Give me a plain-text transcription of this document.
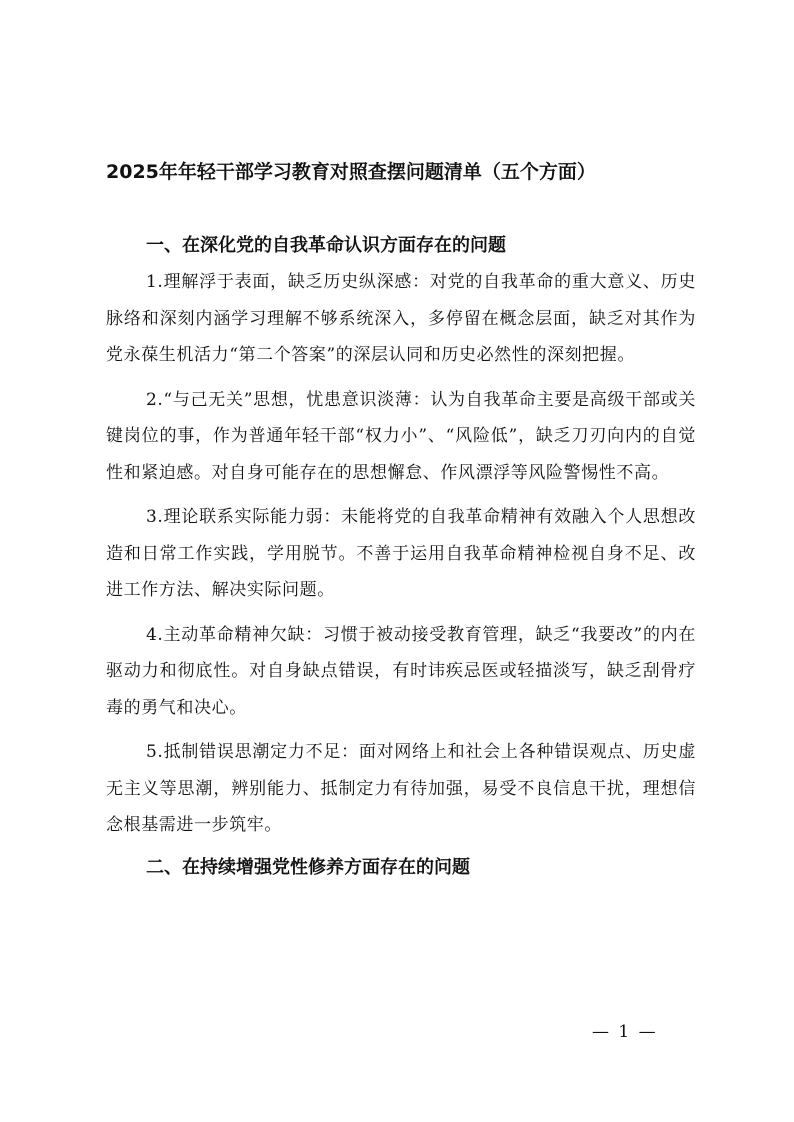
2025年年轻干部学习教育对照查摆问题清单（五个方面）
一、在深化党的自我革命认识方面存在的问题

1.理解浮于表面，缺乏历史纵深感：对党的自我革命的重大意义、历史脉络和深刻内涵学习理解不够系统深入，多停留在概念层面，缺乏对其作为党永葆生机活力“第二个答案”的深层认同和历史必然性的深刻把握。

2.“与己无关”思想，忧患意识淡薄：认为自我革命主要是高级干部或关键岗位的事，作为普通年轻干部“权力小”、“风险低”，缺乏刀刃向内的自觉性和紧迫感。对自身可能存在的思想懈怠、作风漂浮等风险警惕性不高。

3.理论联系实际能力弱：未能将党的自我革命精神有效融入个人思想改造和日常工作实践，学用脱节。不善于运用自我革命精神检视自身不足、改进工作方法、解决实际问题。

4.主动革命精神欠缺：习惯于被动接受教育管理，缺乏“我要改”的内在驱动力和彻底性。对自身缺点错误，有时讳疾忌医或轻描淡写，缺乏刮骨疗毒的勇气和决心。

5.抵制错误思潮定力不足：面对网络上和社会上各种错误观点、历史虚无主义等思潮，辨别能力、抵制定力有待加强，易受不良信息干扰，理想信念根基需进一步筑牢。

二、在持续增强党性修养方面存在的问题
— 1 —
